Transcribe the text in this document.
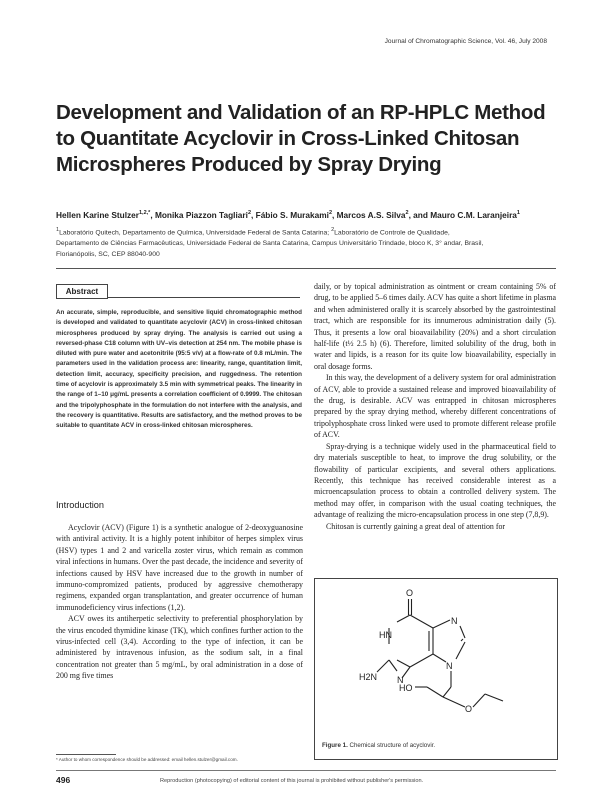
Journal of Chromatographic Science, Vol. 46, July 2008
Development and Validation of an RP-HPLC Method
to Quantitate Acyclovir in Cross-Linked Chitosan
Microspheres Produced by Spray Drying
Hellen Karine Stulzer$^{1,2,*}$, Monika Piazzon Tagliari$^2$, Fábio S. Murakami$^2$, Marcos A.S. Silva$^2$, and Mauro C.M. Laranjeira$^1$
$^1$Laboratório Quitech, Departamento de Química, Universidade Federal de Santa Catarina; $^2$Laboratório de Controle de Qualidade,
Departamento de Ciências Farmacêuticas, Universidade Federal de Santa Catarina, Campus Universitário Trindade, bloco K, 3° andar, Brasil,
Florianópolis, SC, CEP 88040-900
Abstract
An accurate, simple, reproducible, and sensitive liquid chromatographic method is developed and validated to quantitate acyclovir (ACV) in cross-linked chitosan microspheres produced by spray drying. The analysis is carried out using a reversed-phase C18 column with UV–vis detection at 254 nm. The mobile phase is diluted with pure water and acetonitrile (95:5 v/v) at a flow-rate of 0.8 mL/min. The parameters used in the validation process are: linearity, range, quantitation limit, detection limit, accuracy, specificity precision, and ruggedness. The retention time of acyclovir is approximately 3.5 min with symmetrical peaks. The linearity in the range of 1–10 μg/mL presents a correlation coefficient of 0.9999. The chitosan and the tripolyphosphate in the formulation do not interfere with the analysis, and the recovery is quantitative. Results are satisfactory, and the method proves to be suitable to quantitate ACV in cross-linked chitosan microspheres.
Introduction

Acyclovir (ACV) (Figure 1) is a synthetic analogue of 2-deoxyguanosine with antiviral activity. It is a highly potent inhibitor of herpes simplex virus (HSV) types 1 and 2 and varicella zoster virus, which remain as common viral infections in humans. Over the past decade, the incidence and severity of infections caused by HSV have increased due to the growth in number of immuno-compromized patients, produced by aggressive chemotherapy regimens, expanded organ transplantation, and greater occurrence of human immunodeficiency virus infections (1,2).

ACV owes its antiherpetic selectivity to preferential phosphorylation by the virus encoded thymidine kinase (TK), which confines further action to the virus-infected cell (3,4). According to the type of infection, it can be administered by intravenous infusion, as the sodium salt, in a final concentration not greater than 5 mg/mL, by oral administration in a dose of 200 mg five times

daily, or by topical administration as ointment or cream containing 5% of drug, to be applied 5–6 times daily. ACV has quite a short lifetime in plasma and when administered orally it is scarcely absorbed by the gastrointestinal tract, which are responsible for its innumerous administration daily (5). Thus, it presents a low oral bioavailability (20%) and a short circulation half-life (t½ 2.5 h) (6). Therefore, limited solubility of the drug, both in water and lipids, is a reason for its quite low bioavailability, especially in oral dosage forms.

In this way, the development of a delivery system for oral administration of ACV, able to provide a sustained release and improved bioavailability of the drug, is desirable. ACV was entrapped in chitosan microspheres prepared by the spray drying method, whereby different concentrations of tripolyphosphate cross linked were used to promote different release profile of ACV.

Spray-drying is a technique widely used in the pharmaceutical field to dry materials susceptible to heat, to improve the drug solubility, or the flowability of particular excipients, and several others applications. Recently, this technique has received considerable interest as a microencapsulation process to obtain a controlled delivery system. The method may offer, in comparison with the usual coating techniques, the advantage of realizing the micro-encapsulation process in one step (7,8,9).

Chitosan is currently gaining a great deal of attention for

O
HN
N
N
N
H2N
HO
O
Figure 1. Chemical structure of acyclovir.
* Author to whom correspondence should be addressed: email hellen.stulzer@gmail.com.
496	Reproduction (photocopying) of editorial content of this journal is prohibited without publisher's permission.
